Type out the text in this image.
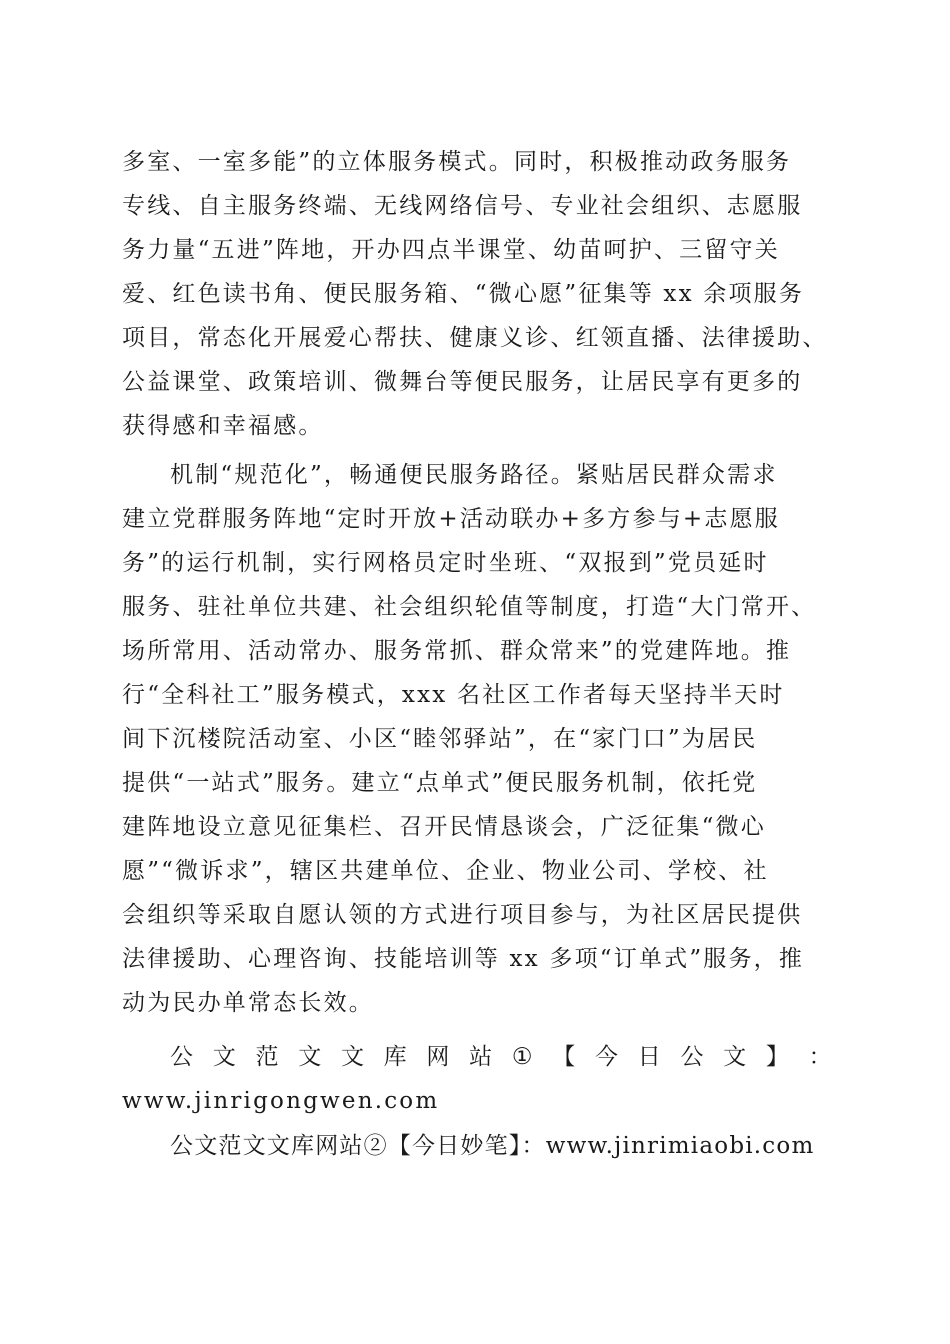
多室、一室多能”的立体服务模式。同时，积极推动政务服务
专线、自主服务终端、无线网络信号、专业社会组织、志愿服
务力量“五进”阵地，开办四点半课堂、幼苗呵护、三留守关
爱、红色读书角、便民服务箱、“微心愿”征集等 xx 余项服务
项目，常态化开展爱心帮扶、健康义诊、红领直播、法律援助、
公益课堂、政策培训、微舞台等便民服务，让居民享有更多的
获得感和幸福感。
机制“规范化”，畅通便民服务路径。紧贴居民群众需求
建立党群服务阵地“定时开放+活动联办+多方参与+志愿服
务”的运行机制，实行网格员定时坐班、“双报到”党员延时
服务、驻社单位共建、社会组织轮值等制度，打造“大门常开、
场所常用、活动常办、服务常抓、群众常来”的党建阵地。推
行“全科社工”服务模式，xxx 名社区工作者每天坚持半天时
间下沉楼院活动室、小区“睦邻驿站”，在“家门口”为居民
提供“一站式”服务。建立“点单式”便民服务机制，依托党
建阵地设立意见征集栏、召开民情恳谈会，广泛征集“微心
愿”“微诉求”，辖区共建单位、企业、物业公司、学校、社
会组织等采取自愿认领的方式进行项目参与，为社区居民提供
法律援助、心理咨询、技能培训等 xx 多项“订单式”服务，推
动为民办单常态长效。
公 文 范 文 文 库 网 站 ① 【 今 日 公 文 】 ：
www.jinrigongwen.com
公文范文文库网站②【今日妙笔】：www.jinrimiaobi.com
